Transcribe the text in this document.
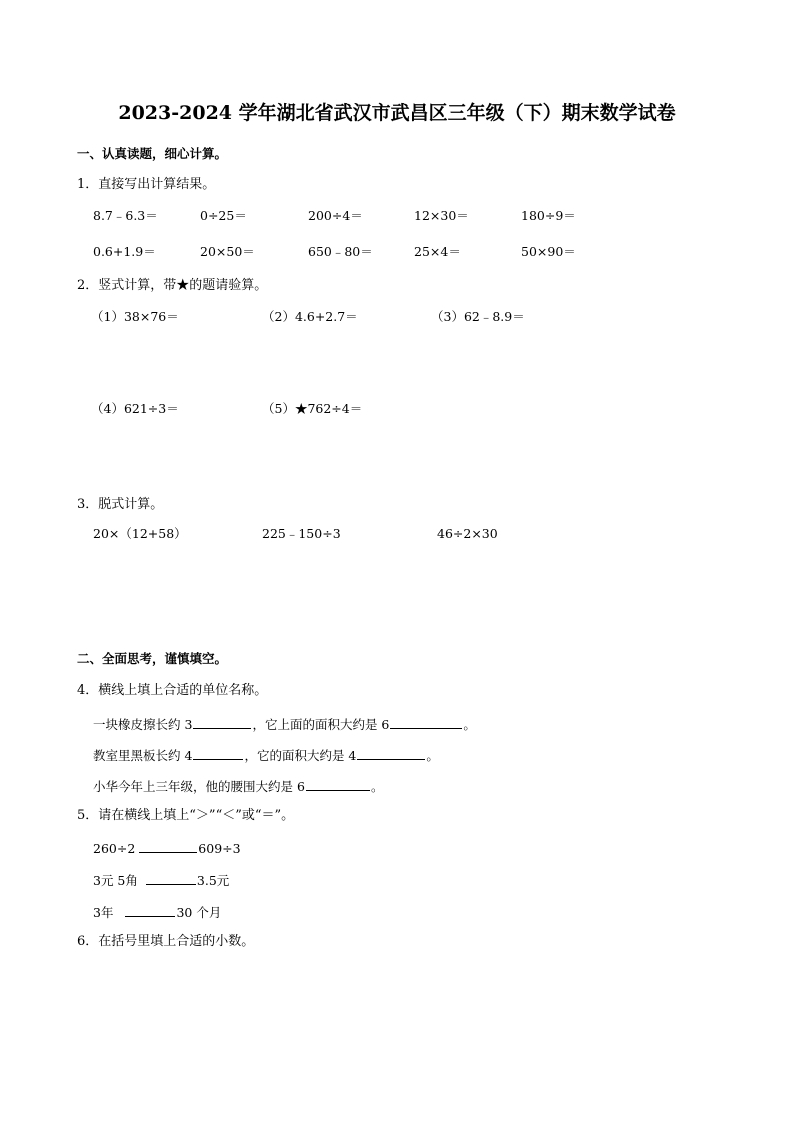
2023-2024 学年湖北省武汉市武昌区三年级（下）期末数学试卷
一、认真读题，细心计算。
1．直接写出计算结果。
8.7﹣6.3＝	0÷25＝	200÷4＝	12×30＝	180÷9＝
0.6+1.9＝	20×50＝	650﹣80＝	25×4＝	50×90＝
2．竖式计算，带★的题请验算。
（1）38×76＝	（2）4.6+2.7＝	（3）62﹣8.9＝
（4）621÷3＝	（5）★762÷4＝
3．脱式计算。
20×（12+58）	225﹣150÷3	46÷2×30
二、全面思考，谨慎填空。
4．横线上填上合适的单位名称。
一块橡皮擦长约 3	，它上面的面积大约是 6	。
教室里黑板长约 4	，它的面积大约是 4	。
小华今年上三年级，他的腰围大约是 6	。
5．请在横线上填上“＞”“＜”或“＝”。
260÷2	609÷3
3元 5角	3.5元
3年	30 个月
6．在括号里填上合适的小数。
